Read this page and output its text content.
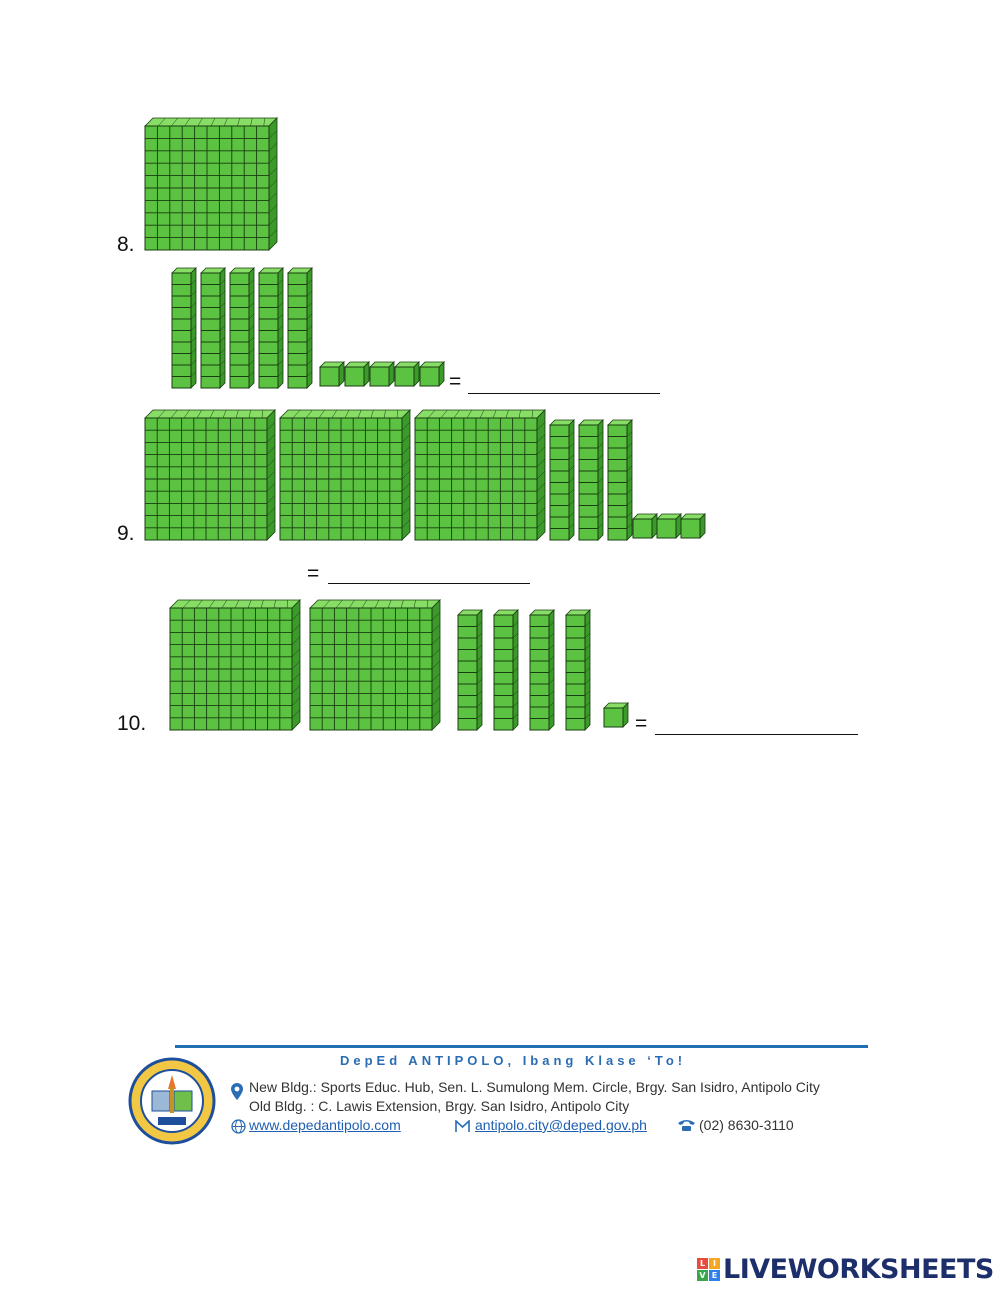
8.
=
9.
=
10.	=
DepEd ANTIPOLO, Ibang Klase ‘To!
New Bldg.: Sports Educ. Hub, Sen. L. Sumulong Mem. Circle, Brgy. San Isidro, Antipolo City
Old Bldg. : C. Lawis Extension, Brgy. San Isidro, Antipolo City
www.depedantipolo.com	antipolo.city@deped.gov.ph	(02) 8630-3110
L I
V E LIVEWORKSHEETS
